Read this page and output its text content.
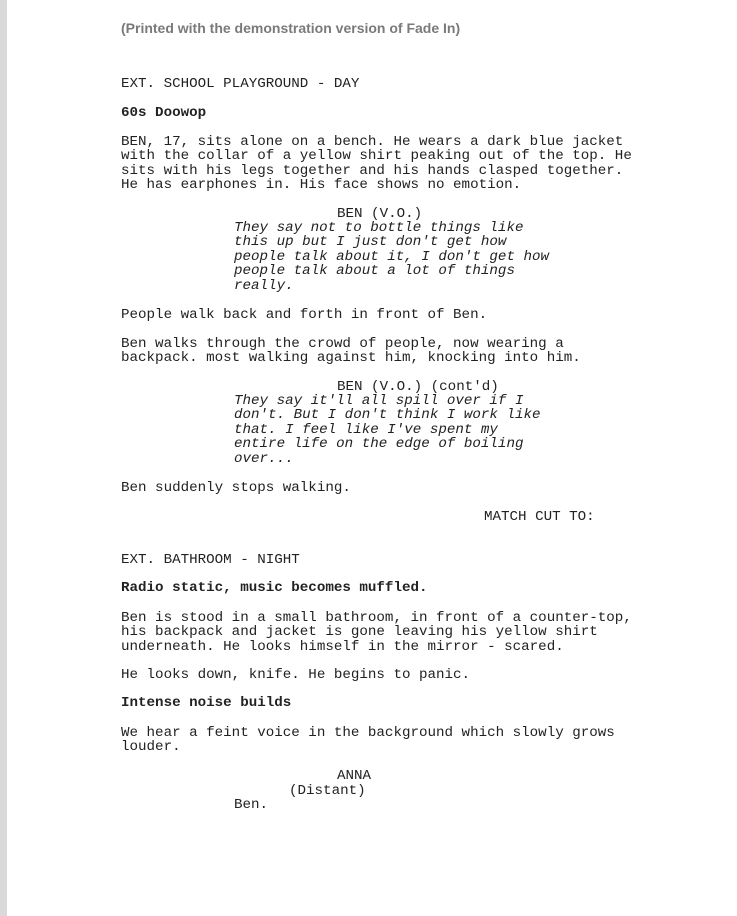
(Printed with the demonstration version of Fade In)
EXT. SCHOOL PLAYGROUND - DAY
60s Doowop
BEN, 17, sits alone on a bench. He wears a dark blue jacket
with the collar of a yellow shirt peaking out of the top. He
sits with his legs together and his hands clasped together.
He has earphones in. His face shows no emotion.
BEN (V.O.)
They say not to bottle things like
this up but I just don't get how
people talk about it, I don't get how
people talk about a lot of things
really.
People walk back and forth in front of Ben.
Ben walks through the crowd of people, now wearing a
backpack. most walking against him, knocking into him.
BEN (V.O.) (cont'd)
They say it'll all spill over if I
don't. But I don't think I work like
that. I feel like I've spent my
entire life on the edge of boiling
over...
Ben suddenly stops walking.
MATCH CUT TO:
EXT. BATHROOM - NIGHT
Radio static, music becomes muffled.
Ben is stood in a small bathroom, in front of a counter-top,
his backpack and jacket is gone leaving his yellow shirt
underneath. He looks himself in the mirror - scared.
He looks down, knife. He begins to panic.
Intense noise builds
We hear a feint voice in the background which slowly grows
louder.
ANNA
(Distant)
Ben.
